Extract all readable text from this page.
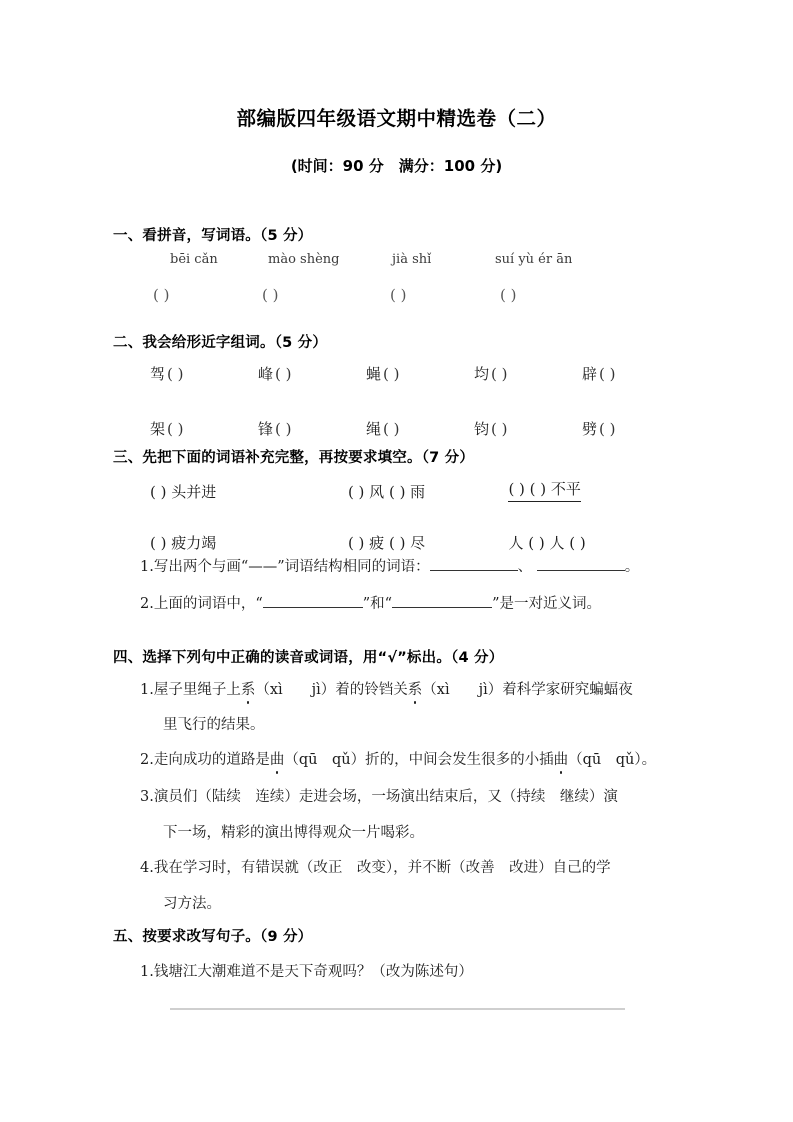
部编版四年级语文期中精选卷（二）
(时间：90 分　满分：100 分)
一、看拼音，写词语。（5 分）
bēi cǎn	mào shèng	jià shǐ	suí yù ér ān
( )	( )	( )	( )
二、我会给形近字组词。（5 分）
驾 ( )	峰 ( )	蝇 ( )	均 ( )	辟 ( )
架 ( )	锋 ( )	绳 ( )	钧 ( )	劈 ( )
三、先把下面的词语补充完整，再按要求填空。（7 分）
( ) 头并进	( ) 风 ( ) 雨	( ) ( ) 不平
( ) 疲力竭	( ) 疲 ( ) 尽	人 ( ) 人 ( )
1.写出两个与画“——”词语结构相同的词语：	、	。
2.上面的词语中，“	”和“	”是一对近义词。
四、选择下列句中正确的读音或词语，用“√”标出。（4 分）
1.屋子里绳子上系（xì　　jì）着的铃铛关系（xì　　jì）着科学家研究蝙蝠夜
里飞行的结果。
2.走向成功的道路是曲（qū　qǔ）折的，中间会发生很多的小插曲（qū　qǔ）。
3.演员们（陆续　连续）走进会场，一场演出结束后，又（持续　继续）演
下一场，精彩的演出博得观众一片喝彩。
4.我在学习时，有错误就（改正　改变），并不断（改善　改进）自己的学
习方法。
五、按要求改写句子。（9 分）
1.钱塘江大潮难道不是天下奇观吗？（改为陈述句）
